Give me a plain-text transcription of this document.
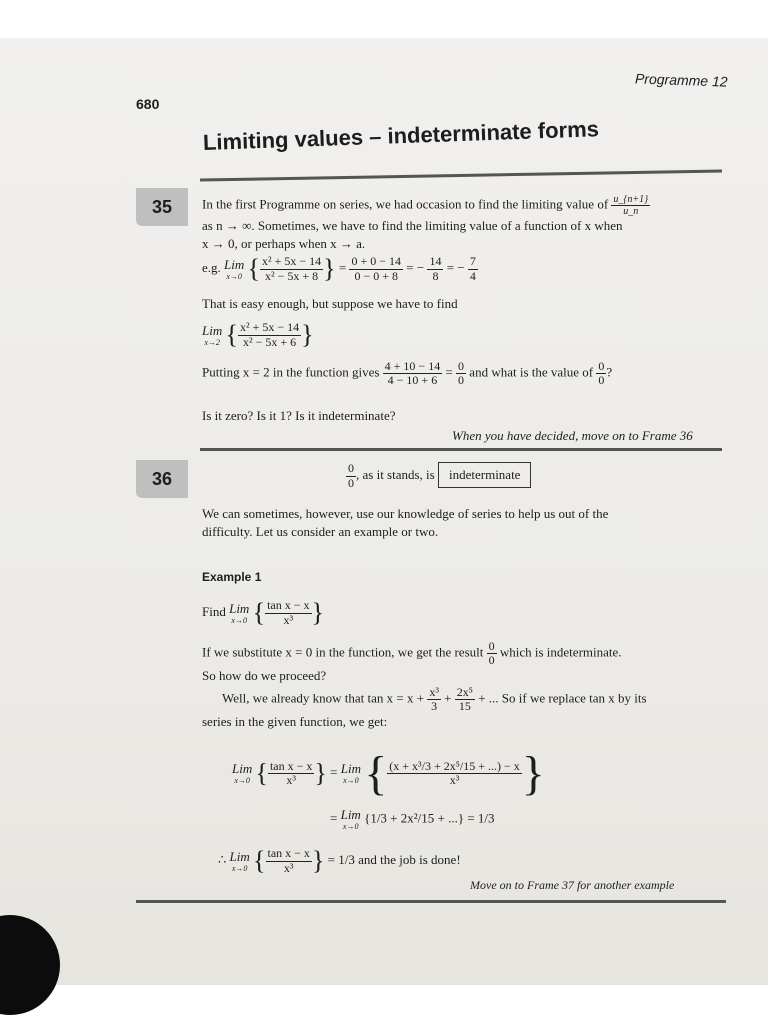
Programme 12
680
Limiting values – indeterminate forms
35	In the first Programme on series, we had occasion to find the limiting value of $\frac{u\_\{n+1\}}{u\_n}$
as n → ∞. Sometimes, we have to find the limiting value of a function of x when
x → 0, or perhaps when x → a.
e.g. Lim
x→0 { $\frac{\text{x² + 5x − 14}}{\text{x² − 5x + 8}}$ } = $\frac{0 + 0 - 14}{0 - 0 + 8}$ = − $\frac{14}{8}$ = − $\frac{7}{4}$
That is easy enough, but suppose we have to find
Lim
x→2 { $\frac{\text{x² + 5x − 14}}{\text{x² − 5x + 6}}$ }
Putting x = 2 in the function gives $\frac{4 + 10 - 14}{4 - 10 + 6} = \frac{0}{0}$ and what is the value of $\frac{0}{0}$ ?
Is it zero? Is it 1? Is it indeterminate?
When you have decided, move on to Frame 36
36	$\frac{0}{0}$ , as it stands, is indeterminate
We can sometimes, however, use our knowledge of series to help us out of the
difficulty. Let us consider an example or two.
Example 1
Find Lim
x→0 { $\frac{\text{tan x − x}}{\text{x³}}$ }
If we substitute x = 0 in the function, we get the result $\frac{0}{0}$ which is indeterminate.
So how do we proceed?
Well, we already know that $\tan x = x + \frac{\text{x³}}{3} + \frac{\text{2x⁵}}{15}$ + ... So if we replace tan x by its
series in the given function, we get:
Lim
x→0 { $\frac{\text{tan x − x}}{\text{x³}}$ } = Lim
x→0 { $\frac{\text{(x + x³/3 + 2x⁵/15 + ...) − x}}{\text{x³}}$ }
= Lim
x→0
{1/3 + 2x²/15 + ...} = 1/3
∴ Lim
x→0 { $\frac{\text{tan x − x}}{\text{x³}}$ } = 1/3 and the job is done!
Move on to Frame 37 for another example
